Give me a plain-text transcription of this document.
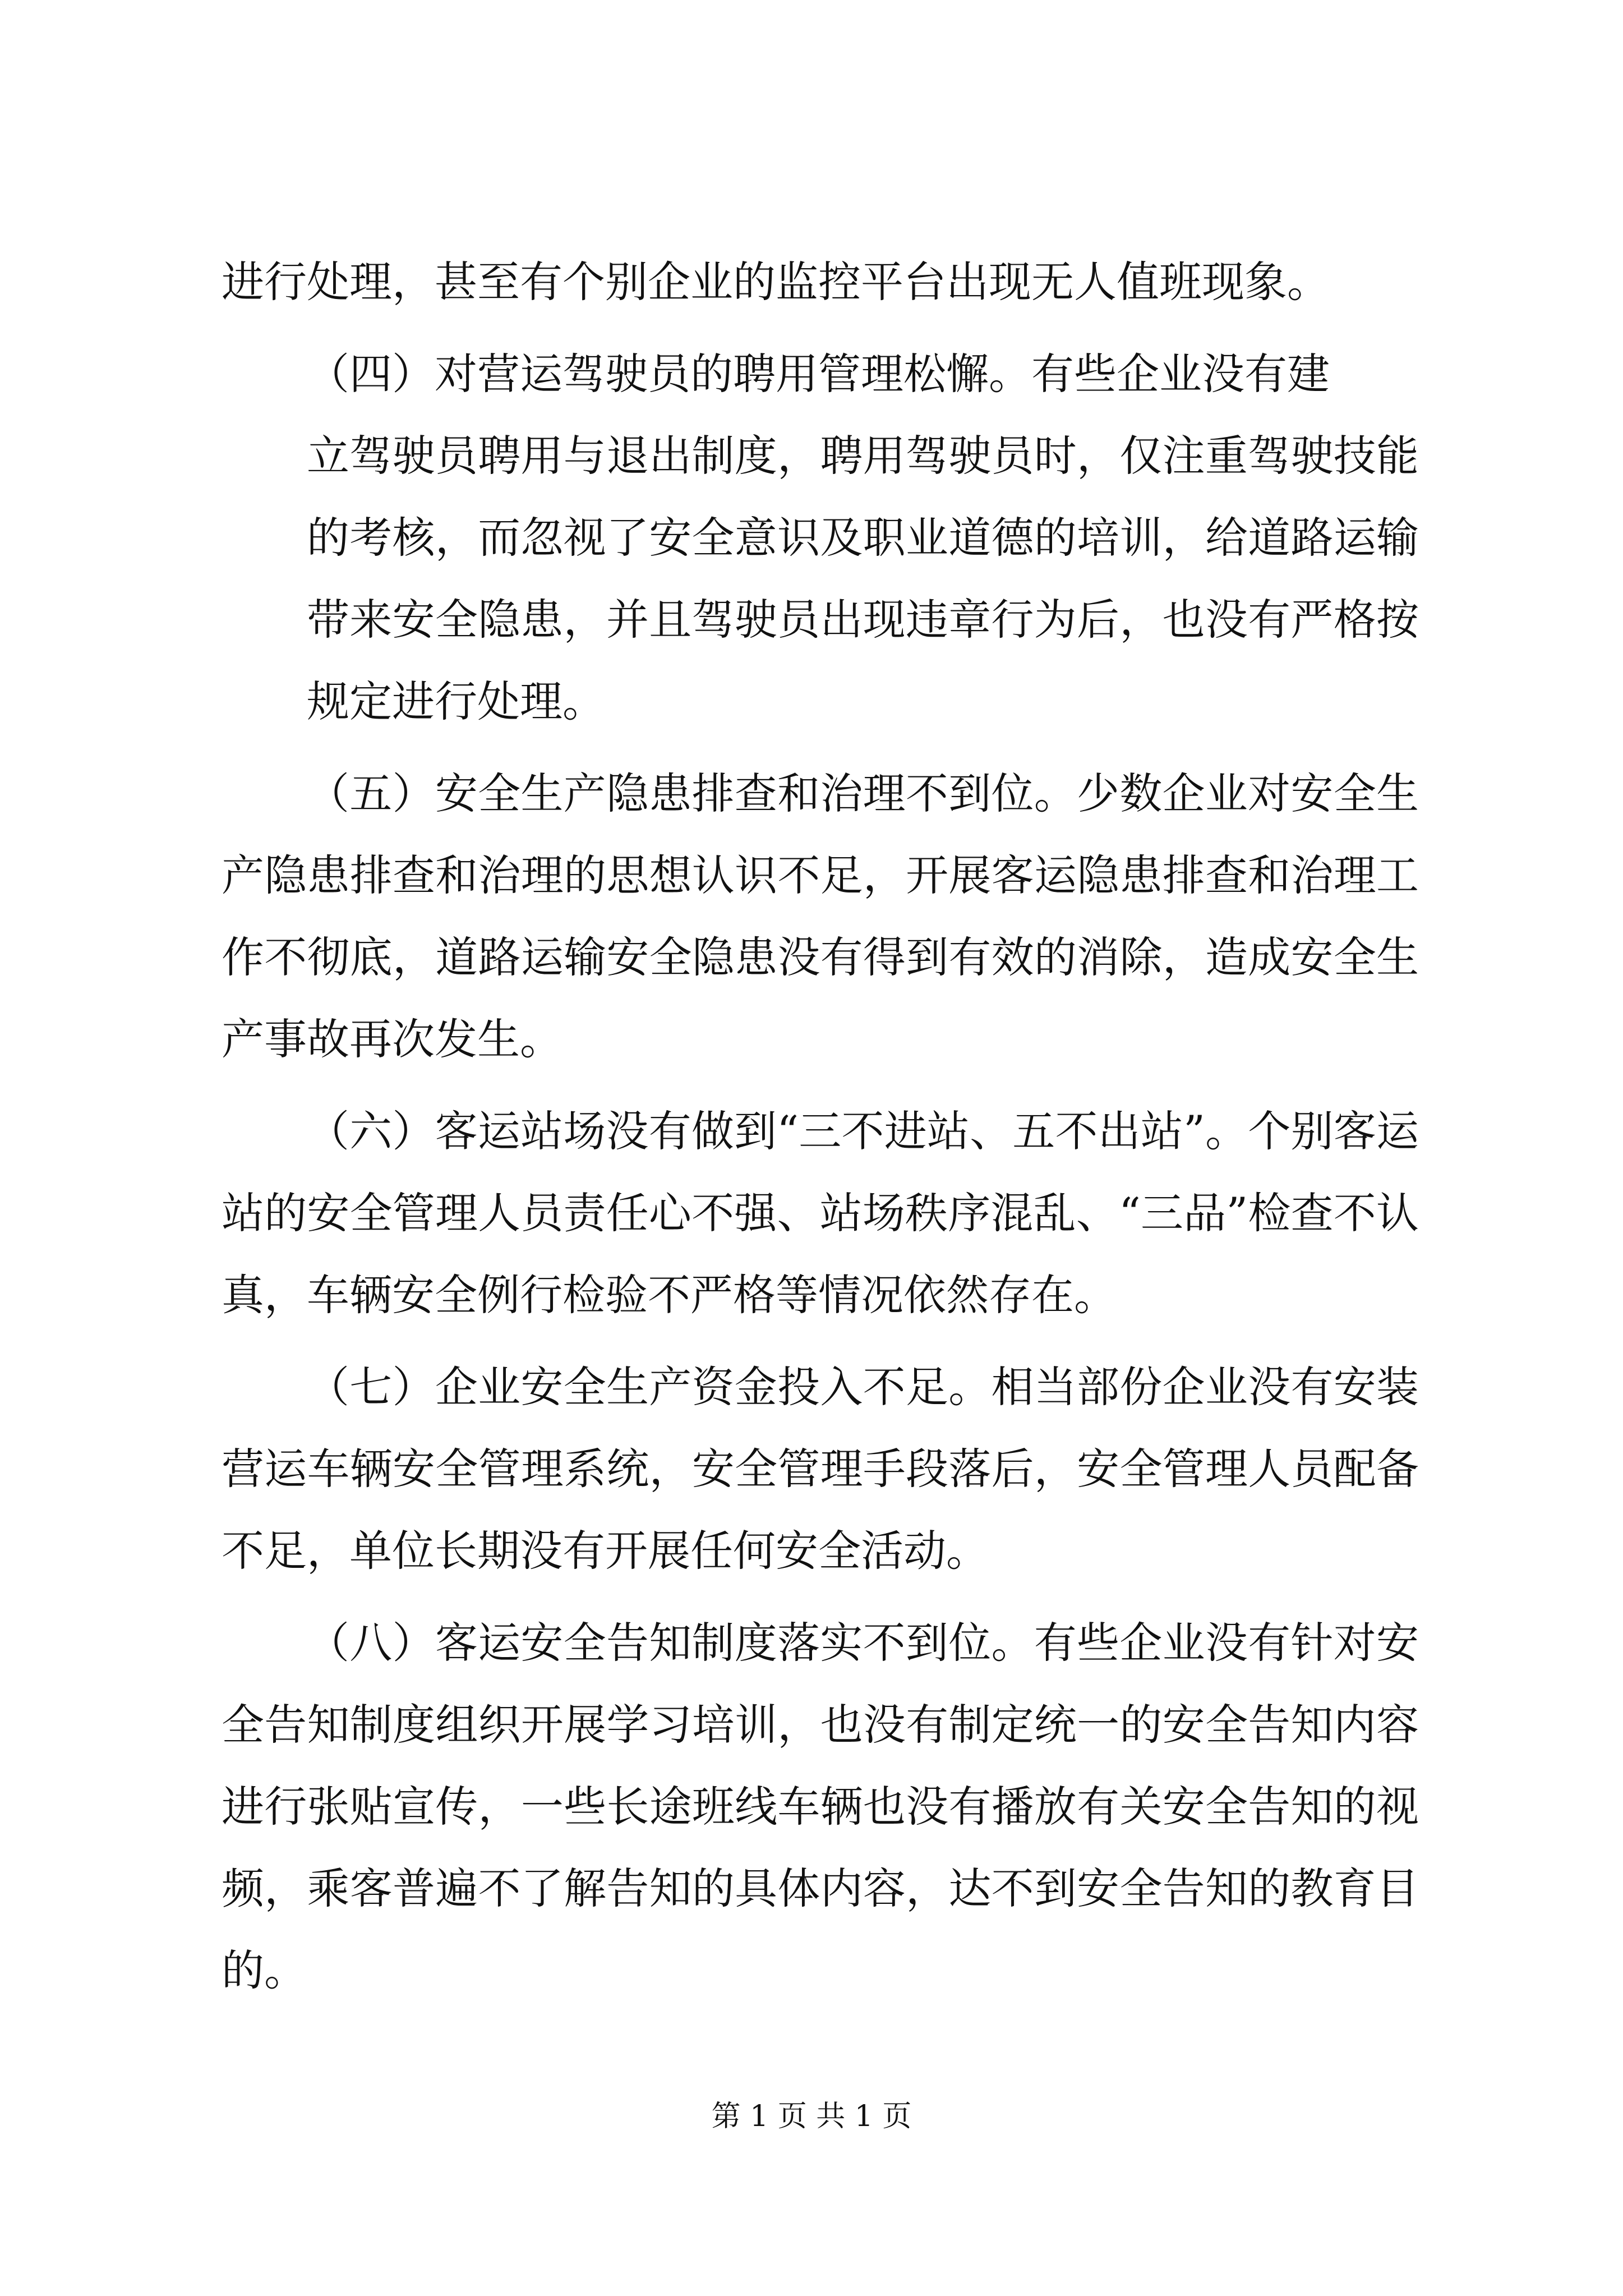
进行处理，甚至有个别企业的监控平台出现无人值班现象。

（四）对营运驾驶员的聘用管理松懈。有些企业没有建

立驾驶员聘用与退出制度，聘用驾驶员时，仅注重驾驶技能的考核，而忽视了安全意识及职业道德的培训，给道路运输带来安全隐患，并且驾驶员出现违章行为后，也没有严格按规定进行处理。

（五）安全生产隐患排查和治理不到位。少数企业对安全生产隐患排查和治理的思想认识不足，开展客运隐患排查和治理工作不彻底，道路运输安全隐患没有得到有效的消除，造成安全生产事故再次发生。

（六）客运站场没有做到“三不进站、五不出站”。个别客运站的安全管理人员责任心不强、站场秩序混乱、“三品”检查不认真，车辆安全例行检验不严格等情况依然存在。

（七）企业安全生产资金投入不足。相当部份企业没有安装营运车辆安全管理系统，安全管理手段落后，安全管理人员配备不足，单位长期没有开展任何安全活动。

（八）客运安全告知制度落实不到位。有些企业没有针对安全告知制度组织开展学习培训，也没有制定统一的安全告知内容进行张贴宣传，一些长途班线车辆也没有播放有关安全告知的视频，乘客普遍不了解告知的具体内容，达不到安全告知的教育目的。

第 1 页 共 1 页
